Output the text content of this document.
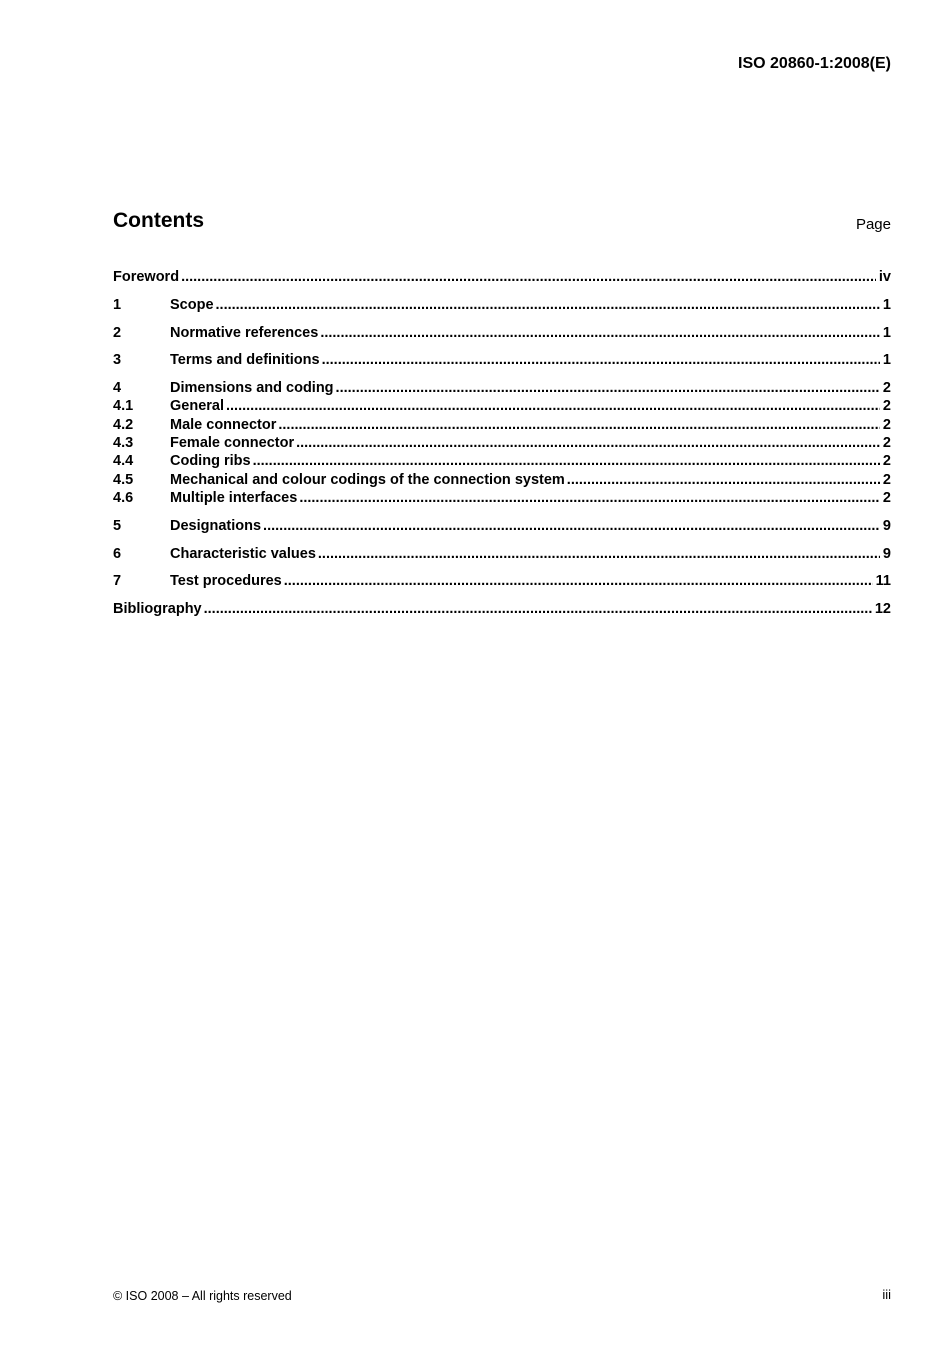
ISO 20860-1:2008(E)
Contents	Page
Foreword .....	iv
1	Scope .....	1
2	Normative references .....	1
3	Terms and definitions .....	1
4	Dimensions and coding .....	2
4.1	General .....	2
4.2	Male connector .....	2
4.3	Female connector .....	2
4.4	Coding ribs .....	2
4.5	Mechanical and colour codings of the connection system .....	2
4.6	Multiple interfaces .....	2
5	Designations .....	9
6	Characteristic values .....	9
7	Test procedures .....	11
Bibliography .....	12
© ISO 2008 – All rights reserved	iii
